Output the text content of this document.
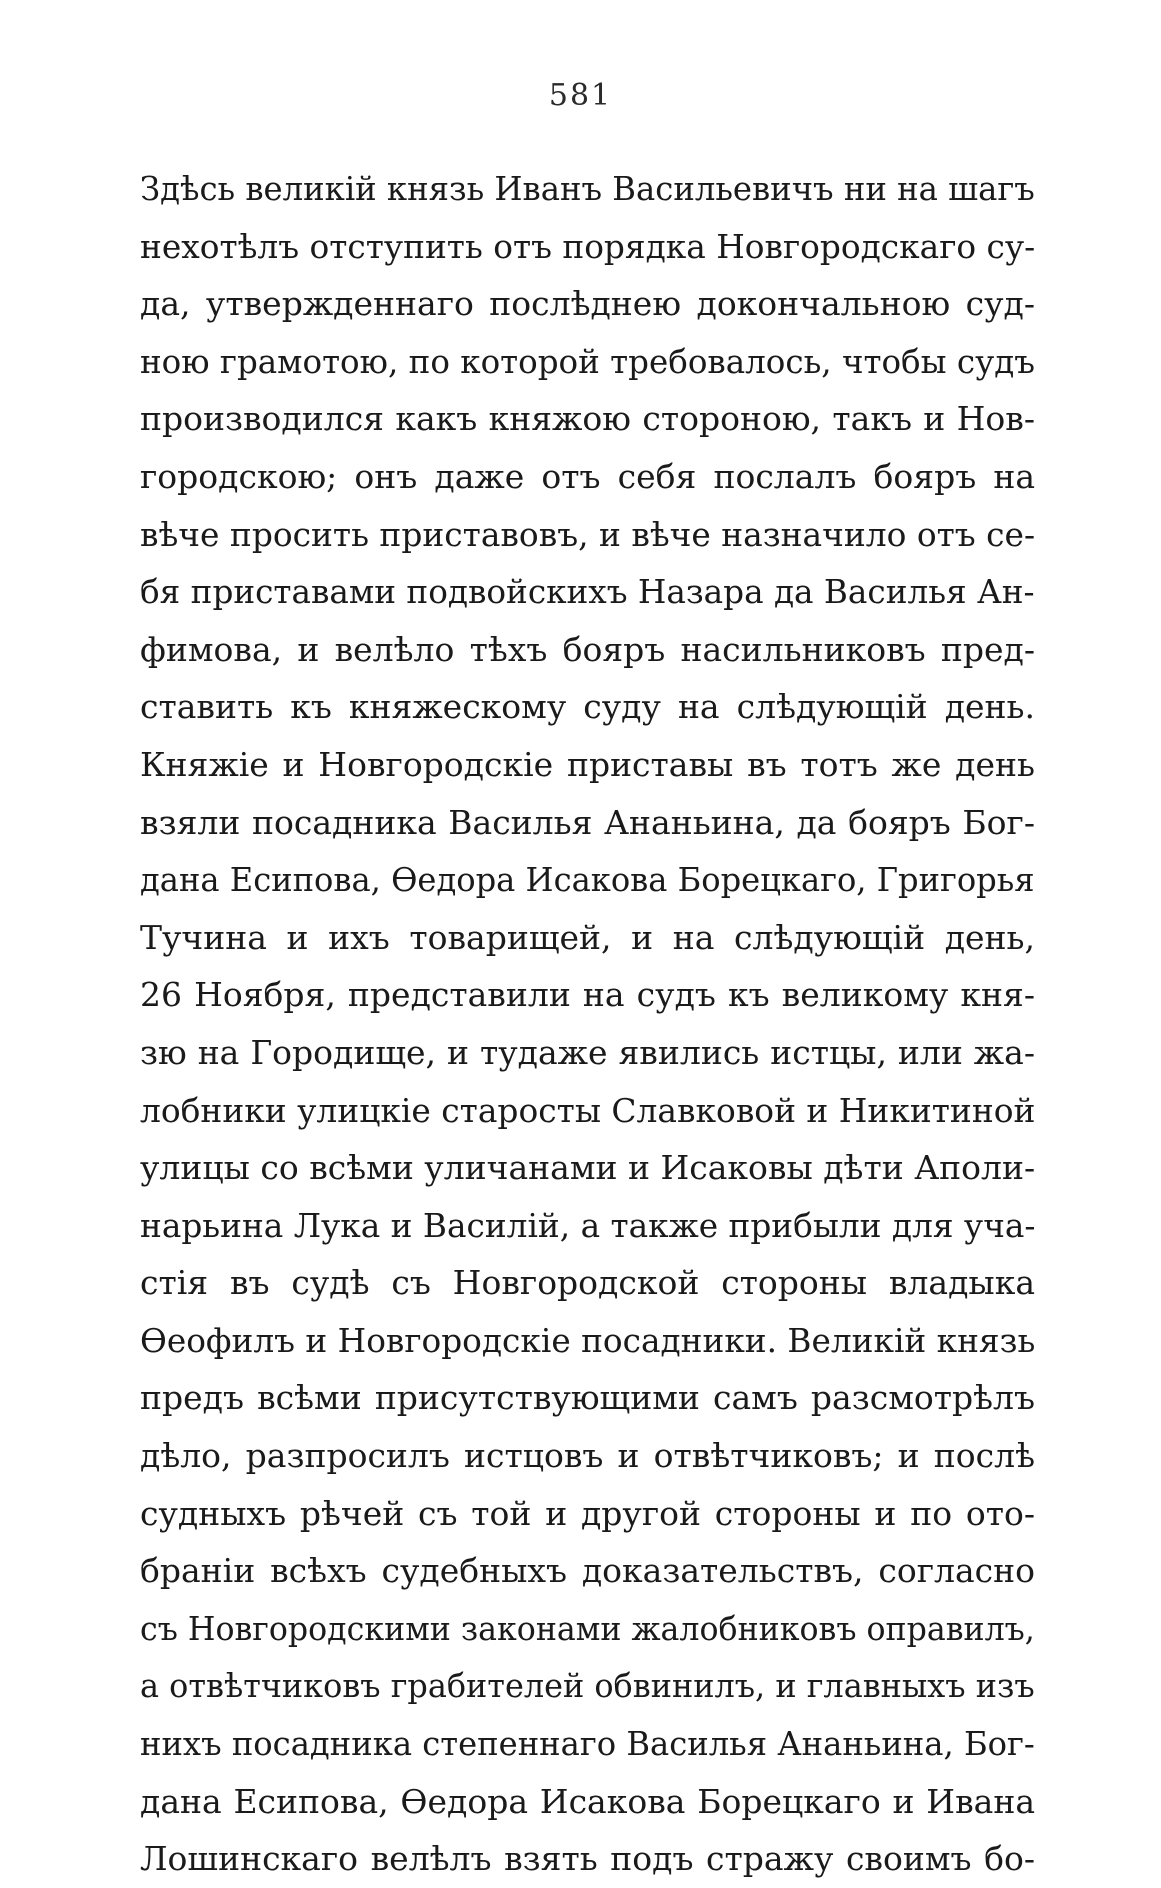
581
Здѣсь великій князь Иванъ Васильевичъ ни на шагъ
нехотѣлъ отступить отъ порядка Новгородскаго су-
да, утвержденнаго послѣднею докончальною суд-
ною грамотою, по которой требовалось, чтобы судъ
производился какъ княжою стороною, такъ и Нов-
городскою; онъ даже отъ себя послалъ бояръ на
вѣче просить приставовъ, и вѣче назначило отъ се-
бя приставами подвойскихъ Назара да Василья Ан-
фимова, и велѣло тѣхъ бояръ насильниковъ пред-
ставить къ княжескому суду на слѣдующій день.
Княжіе и Новгородскіе приставы въ тотъ же день
взяли посадника Василья Ананьина, да бояръ Бог-
дана Есипова, Ѳедора Исакова Борецкаго, Григорья
Тучина и ихъ товарищей, и на слѣдующій день,
26 Ноября, представили на судъ къ великому кня-
зю на Городище, и тудаже явились истцы, или жа-
лобники улицкіе старосты Славковой и Никитиной
улицы со всѣми уличанами и Исаковы дѣти Аполи-
нарьина Лука и Василій, а также прибыли для уча-
стія въ судѣ съ Новгородской стороны владыка
Ѳеофилъ и Новгородскіе посадники. Великій князь
предъ всѣми присутствующими самъ разсмотрѣлъ
дѣло, разпросилъ истцовъ и отвѣтчиковъ; и послѣ
судныхъ рѣчей съ той и другой стороны и по ото-
браніи всѣхъ судебныхъ доказательствъ, согласно
съ Новгородскими законами жалобниковъ оправилъ,
а отвѣтчиковъ грабителей обвинилъ, и главныхъ изъ
нихъ посадника степеннаго Василья Ананьина, Бог-
дана Есипова, Ѳедора Исакова Борецкаго и Ивана
Лошинскаго велѣлъ взять подъ стражу своимъ бо-
